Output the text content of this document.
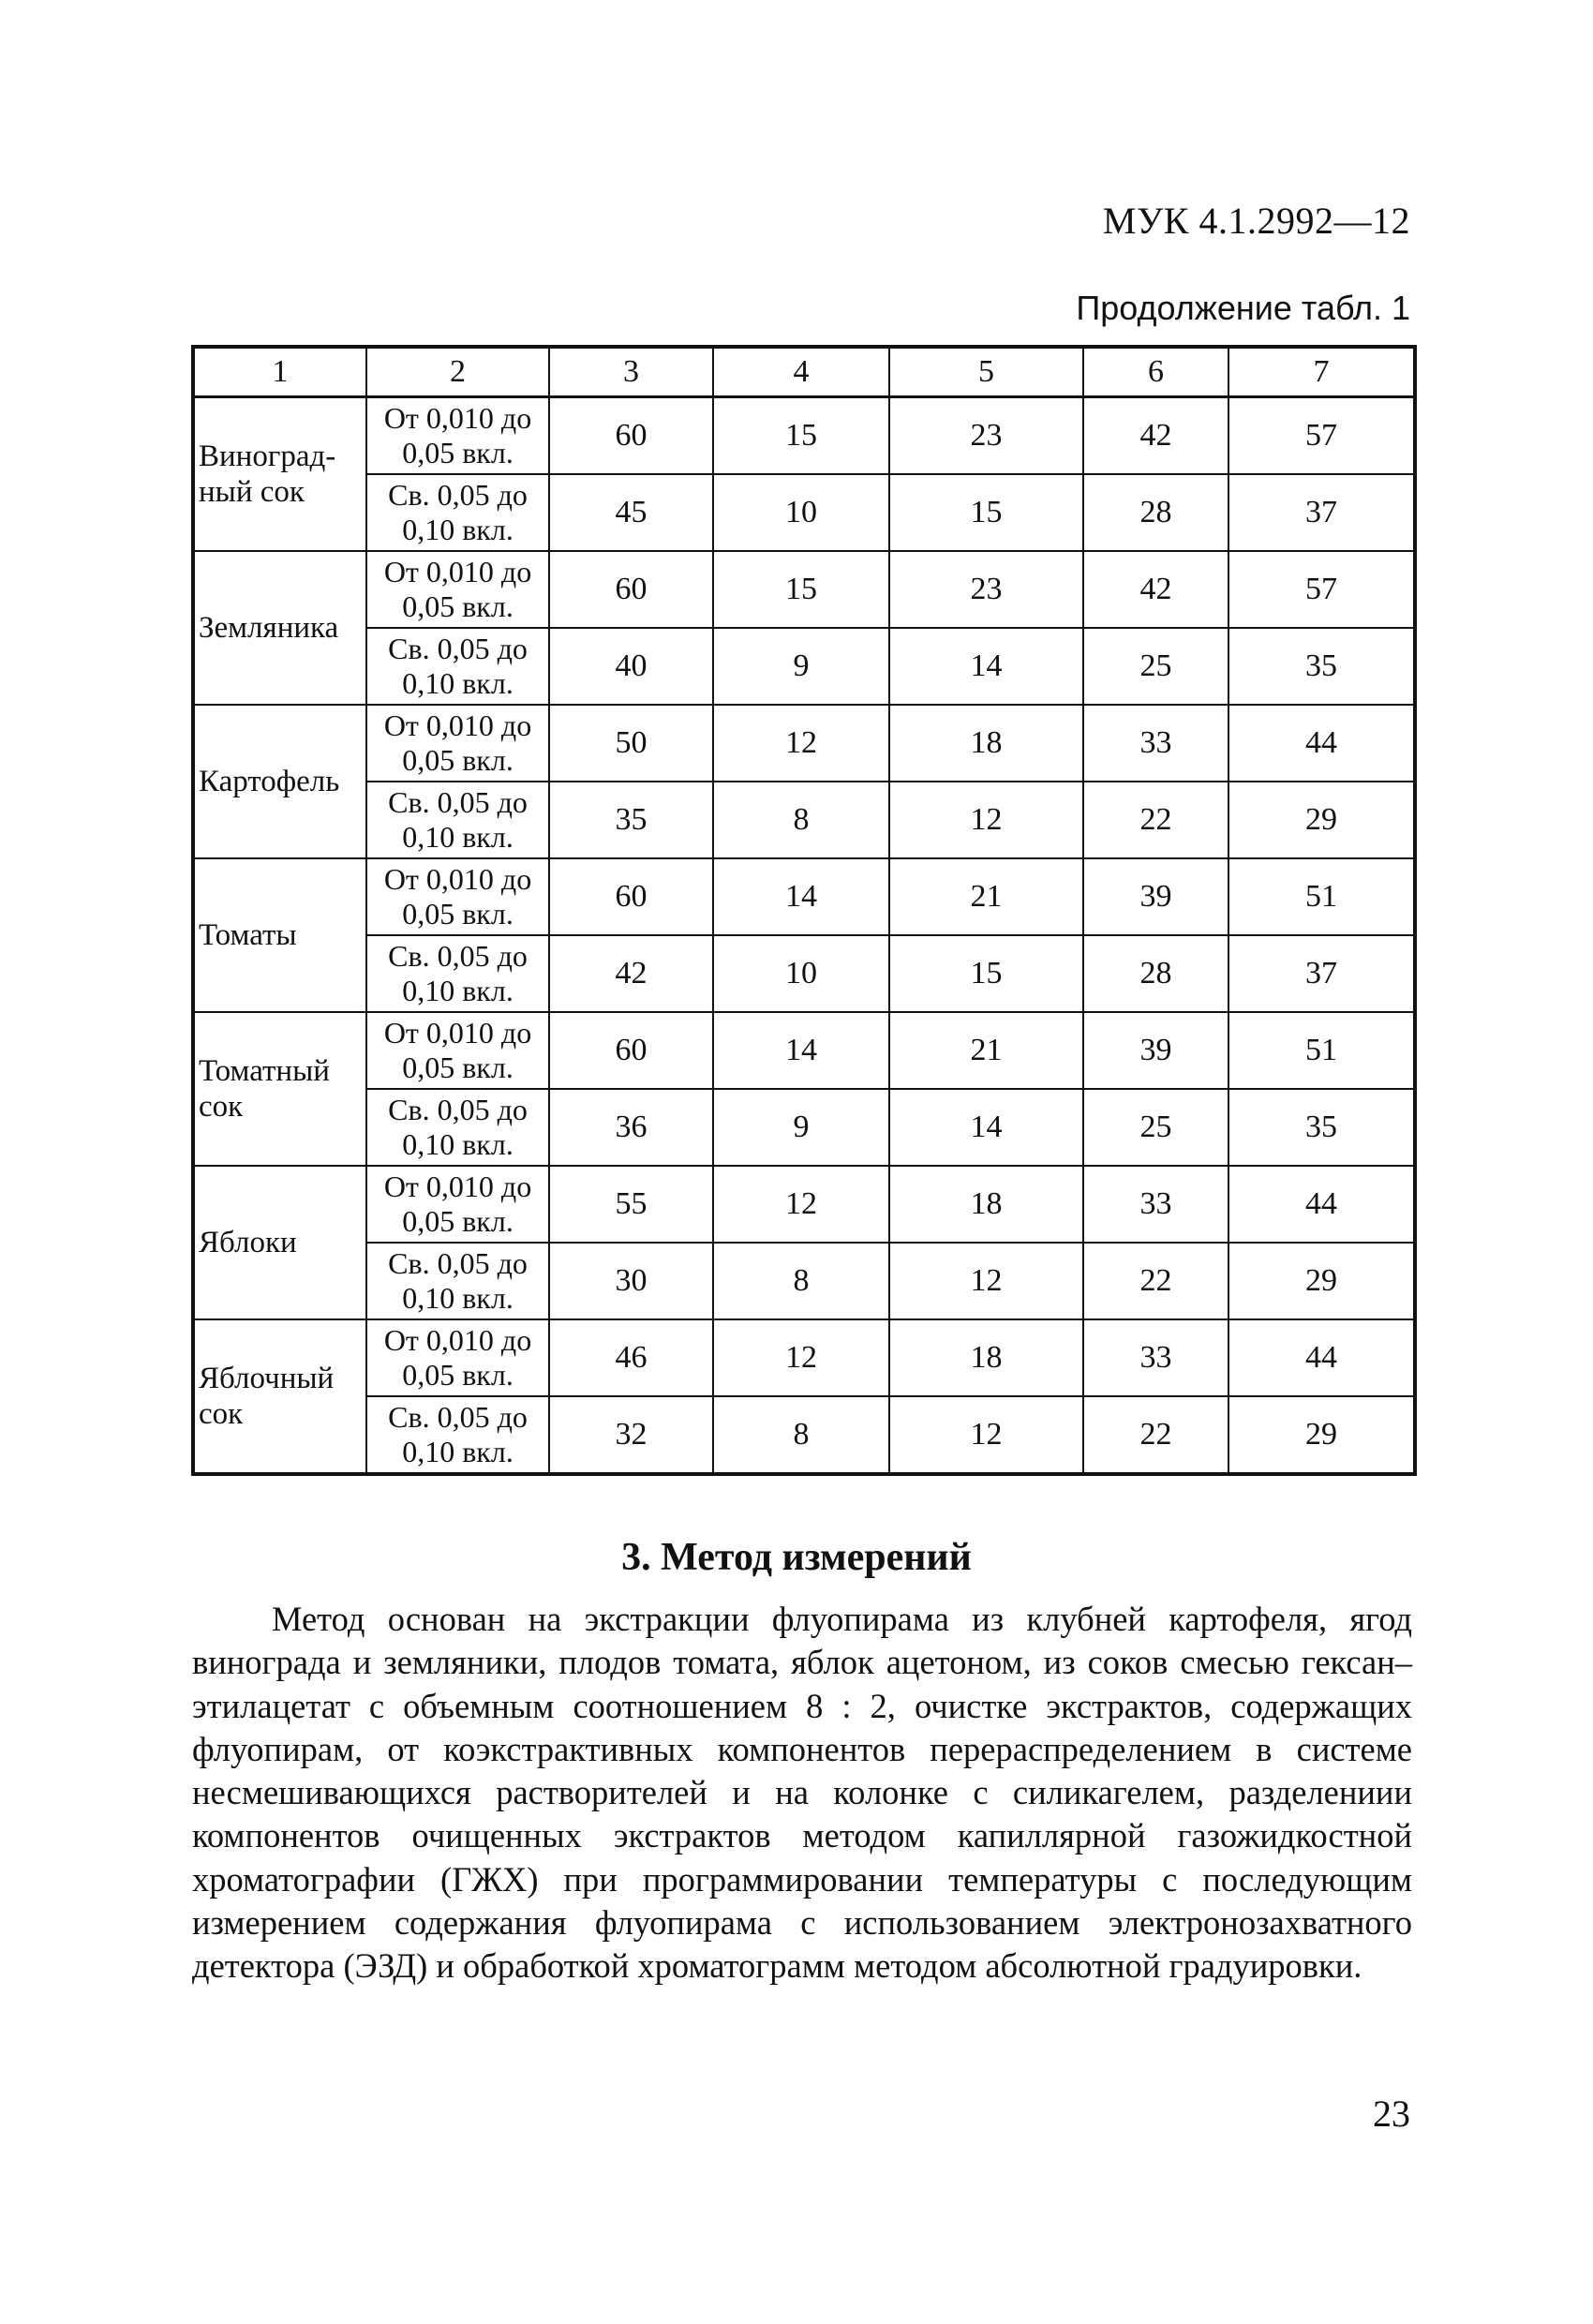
МУК 4.1.2992—12
Продолжение табл. 1
1	2	3	4	5	6	7
Виноград-ный сок	От 0,010 до 0,05 вкл.	60	15	23	42	57
	Св. 0,05 до 0,10 вкл.	45	10	15	28	37
Земляника	От 0,010 до 0,05 вкл.	60	15	23	42	57
	Св. 0,05 до 0,10 вкл.	40	9	14	25	35
Картофель	От 0,010 до 0,05 вкл.	50	12	18	33	44
	Св. 0,05 до 0,10 вкл.	35	8	12	22	29
Томаты	От 0,010 до 0,05 вкл.	60	14	21	39	51
	Св. 0,05 до 0,10 вкл.	42	10	15	28	37
Томатный сок	От 0,010 до 0,05 вкл.	60	14	21	39	51
	Св. 0,05 до 0,10 вкл.	36	9	14	25	35
Яблоки	От 0,010 до 0,05 вкл.	55	12	18	33	44
	Св. 0,05 до 0,10 вкл.	30	8	12	22	29
Яблочный сок	От 0,010 до 0,05 вкл.	46	12	18	33	44
	Св. 0,05 до 0,10 вкл.	32	8	12	22	29
3. Метод измерений

Метод основан на экстракции флуопирама из клубней картофеля, ягод винограда и земляники, плодов томата, яблок ацетоном, из соков смесью гексан–этилацетат с объемным соотношением 8 : 2, очистке экстрактов, содержащих флуопирам, от коэкстрактивных компонентов перераспределением в системе несмешивающихся растворителей и на колонке с силикагелем, разделениии компонентов очищенных экстрактов методом капиллярной газожидкостной хроматографии (ГЖХ) при программировании температуры с последующим измерением содержания флуопирама с использованием электронозахватного детектора (ЭЗД) и обработкой хроматограмм методом абсолютной градуировки.

23
